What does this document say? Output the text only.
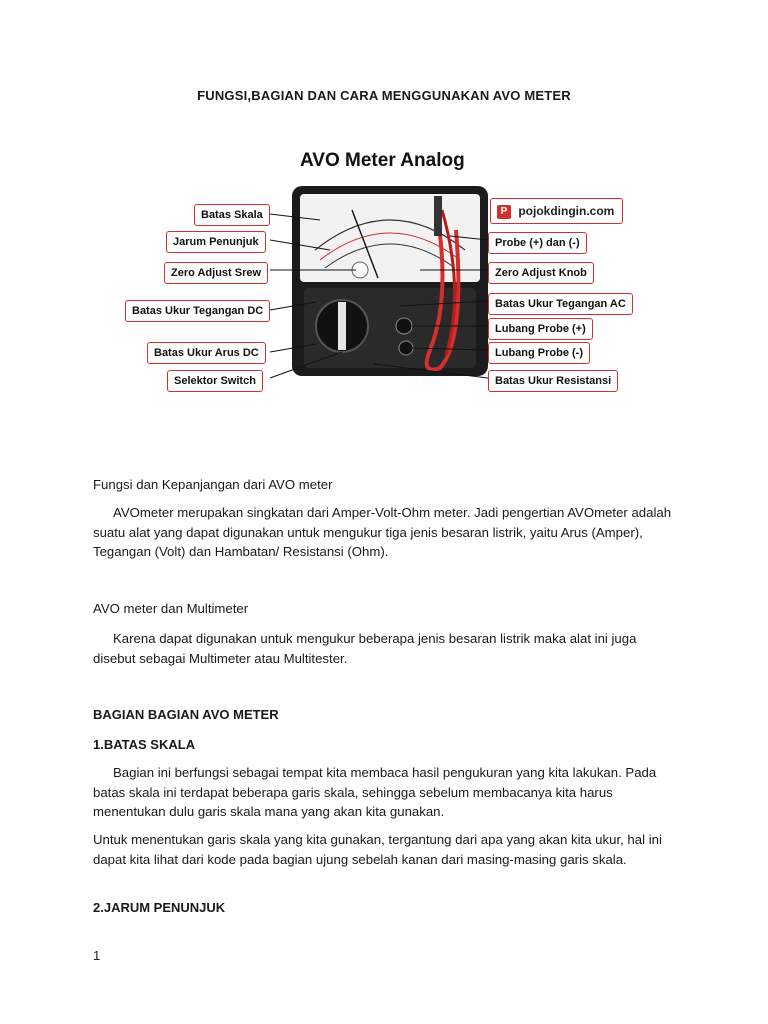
FUNGSI,BAGIAN DAN CARA MENGGUNAKAN AVO METER
AVO Meter Analog
P pojokdingin.com
Batas Skala
Jarum Penunjuk
Zero Adjust Srew
Batas Ukur Tegangan DC
Batas Ukur Arus DC
Selektor Switch
Probe (+) dan (-)
Zero Adjust Knob
Batas Ukur Tegangan AC
Lubang Probe (+)
Lubang Probe (-)
Batas Ukur Resistansi
Fungsi dan Kepanjangan dari AVO meter
AVOmeter merupakan singkatan dari Amper-Volt-Ohm meter. Jadi pengertian AVOmeter adalah suatu alat yang dapat digunakan untuk mengukur tiga jenis besaran listrik, yaitu Arus (Amper), Tegangan (Volt) dan Hambatan/ Resistansi (Ohm).
AVO meter dan Multimeter
Karena dapat digunakan untuk mengukur beberapa jenis besaran listrik maka alat ini juga disebut sebagai Multimeter atau Multitester.
BAGIAN BAGIAN AVO METER
1.BATAS SKALA
Bagian ini berfungsi sebagai tempat kita membaca hasil pengukuran yang kita lakukan. Pada batas skala ini terdapat beberapa garis skala, sehingga sebelum membacanya kita harus menentukan dulu garis skala mana yang akan kita gunakan.
Untuk menentukan garis skala yang kita gunakan, tergantung dari apa yang akan kita ukur, hal ini dapat kita lihat dari kode pada bagian ujung sebelah kanan dari masing-masing garis skala.
2.JARUM PENUNJUK
1
